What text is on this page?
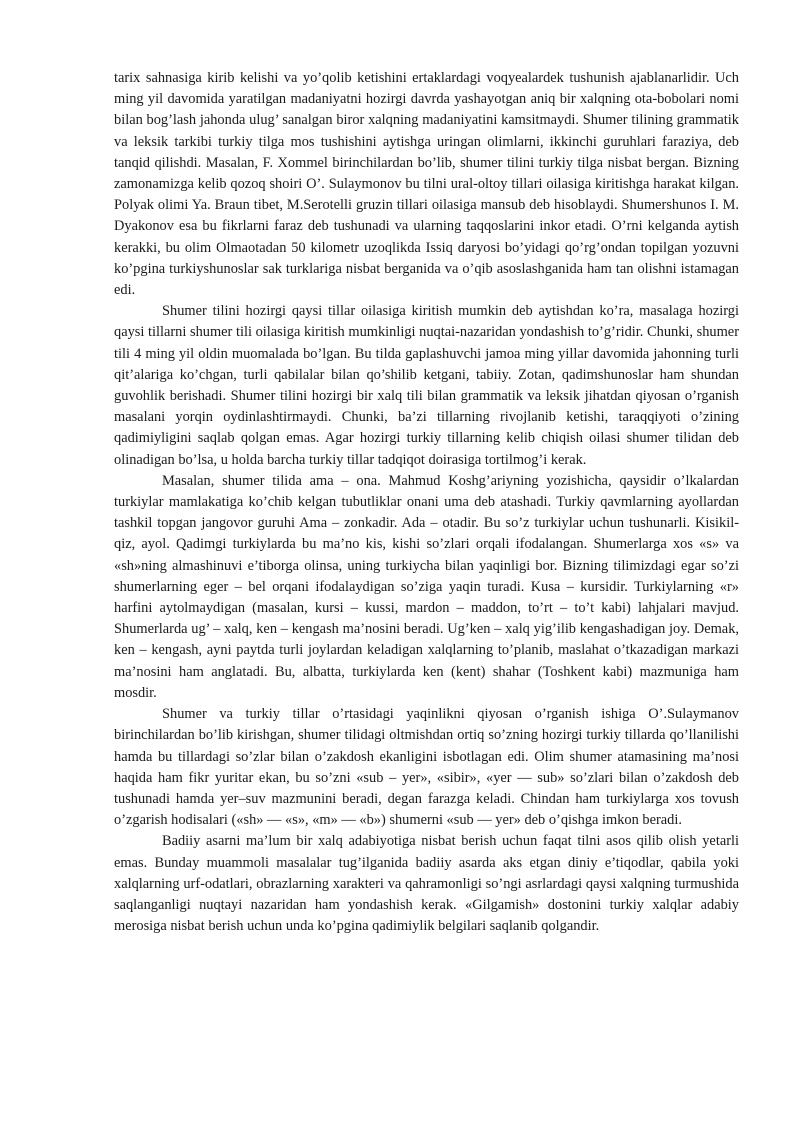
tarix sahnasiga kirib kelishi va yo’qolib ketishini ertaklardagi voqyealardek tushunish ajablanarlidir. Uch ming yil davomida yaratilgan madaniyatni hozirgi davrda yashayotgan aniq bir xalqning ota-bobolari nomi bilan bog’lash jahonda ulug’ sanalgan biror xalqning madaniyatini kamsitmaydi. Shumer tilining grammatik va leksik tarkibi turkiy tilga mos tushishini aytishga uringan olimlarni, ikkinchi guruhlari faraziya, deb tanqid qilishdi. Masalan, F. Xommel birinchilardan bo’lib, shumer tilini turkiy tilga nisbat bergan. Bizning zamonamizga kelib qozoq shoiri O’. Sulaymonov bu tilni ural-oltoy tillari oilasiga kiritishga harakat kilgan. Polyak olimi Ya. Braun tibet, M.Serotelli gruzin tillari oilasiga mansub deb hisoblaydi. Shumershunos I. M. Dyakonov esa bu fikrlarni faraz deb tushunadi va ularning taqqoslarini inkor etadi. O’rni kelganda aytish kerakki, bu olim Olmaotadan 50 kilometr uzoqlikda Issiq daryosi bo’yidagi qo’rg’ondan topilgan yozuvni ko’pgina turkiyshunoslar sak turklariga nisbat berganida va o’qib asoslashganida ham tan olishni istamagan edi.

Shumer tilini hozirgi qaysi tillar oilasiga kiritish mumkin deb aytishdan ko’ra, masalaga hozirgi qaysi tillarni shumer tili oilasiga kiritish mumkinligi nuqtai-nazaridan yondashish to’g’ridir. Chunki, shumer tili 4 ming yil oldin muomalada bo’lgan. Bu tilda gaplashuvchi jamoa ming yillar davomida jahonning turli qit’alariga ko’chgan, turli qabilalar bilan qo’shilib ketgani, tabiiy. Zotan, qadimshunoslar ham shundan guvohlik berishadi. Shumer tilini hozirgi bir xalq tili bilan grammatik va leksik jihatdan qiyosan o’rganish masalani yorqin oydinlashtirmaydi. Chunki, ba’zi tillarning rivojlanib ketishi, taraqqiyoti o’zining qadimiyligini saqlab qolgan emas. Agar hozirgi turkiy tillarning kelib chiqish oilasi shumer tilidan deb olinadigan bo’lsa, u holda barcha turkiy tillar tadqiqot doirasiga tortilmog’i kerak.

Masalan, shumer tilida ama – ona. Mahmud Koshg’ariyning yozishicha, qaysidir o’lkalardan turkiylar mamlakatiga ko’chib kelgan tubutliklar onani uma deb atashadi. Turkiy qavmlarning ayollardan tashkil topgan jangovor guruhi Ama – zonkadir. Ada – otadir. Bu so’z turkiylar uchun tushunarli. Kisikil- qiz, ayol. Qadimgi turkiylarda bu ma’no kis, kishi so’zlari orqali ifodalangan. Shumerlarga xos «s» va «sh»ning almashinuvi e’tiborga olinsa, uning turkiycha bilan yaqinligi bor. Bizning tilimizdagi egar so’zi shumerlarning eger – bel orqani ifodalaydigan so’ziga yaqin turadi. Kusa – kursidir. Turkiylarning «r» harfini aytolmaydigan (masalan, kursi – kussi, mardon – maddon, to’rt – to’t kabi) lahjalari mavjud. Shumerlarda ug’ – xalq, ken – kengash ma’nosini beradi. Ug’ken – xalq yig’ilib kengashadigan joy. Demak, ken – kengash, ayni paytda turli joylardan keladigan xalqlarning to’planib, maslahat o’tkazadigan markazi ma’nosini ham anglatadi. Bu, albatta, turkiylarda ken (kent) shahar (Toshkent kabi) mazmuniga ham mosdir.

Shumer va turkiy tillar o’rtasidagi yaqinlikni qiyosan o’rganish ishiga O’.Sulaymanov birinchilardan bo’lib kirishgan, shumer tilidagi oltmishdan ortiq so’zning hozirgi turkiy tillarda qo’llanilishi hamda bu tillardagi so’zlar bilan o’zakdosh ekanligini isbotlagan edi. Olim shumer atamasining ma’nosi haqida ham fikr yuritar ekan, bu so’zni «sub – yer», «sibir», «yer — sub» so’zlari bilan o’zakdosh deb tushunadi hamda yer–suv mazmunini beradi, degan farazga keladi. Chindan ham turkiylarga xos tovush o’zgarish hodisalari («sh» — «s», «m» — «b») shumerni «sub — yer» deb o’qishga imkon beradi.

Badiiy asarni ma’lum bir xalq adabiyotiga nisbat berish uchun faqat tilni asos qilib olish yetarli emas. Bunday muammoli masalalar tug’ilganida badiiy asarda aks etgan diniy e’tiqodlar, qabila yoki xalqlarning urf-odatlari, obrazlarning xarakteri va qahramonligi so’ngi asrlardagi qaysi xalqning turmushida saqlanganligi nuqtayi nazaridan ham yondashish kerak. «Gilgamish» dostonini turkiy xalqlar adabiy merosiga nisbat berish uchun unda ko’pgina qadimiylik belgilari saqlanib qolgandir.
